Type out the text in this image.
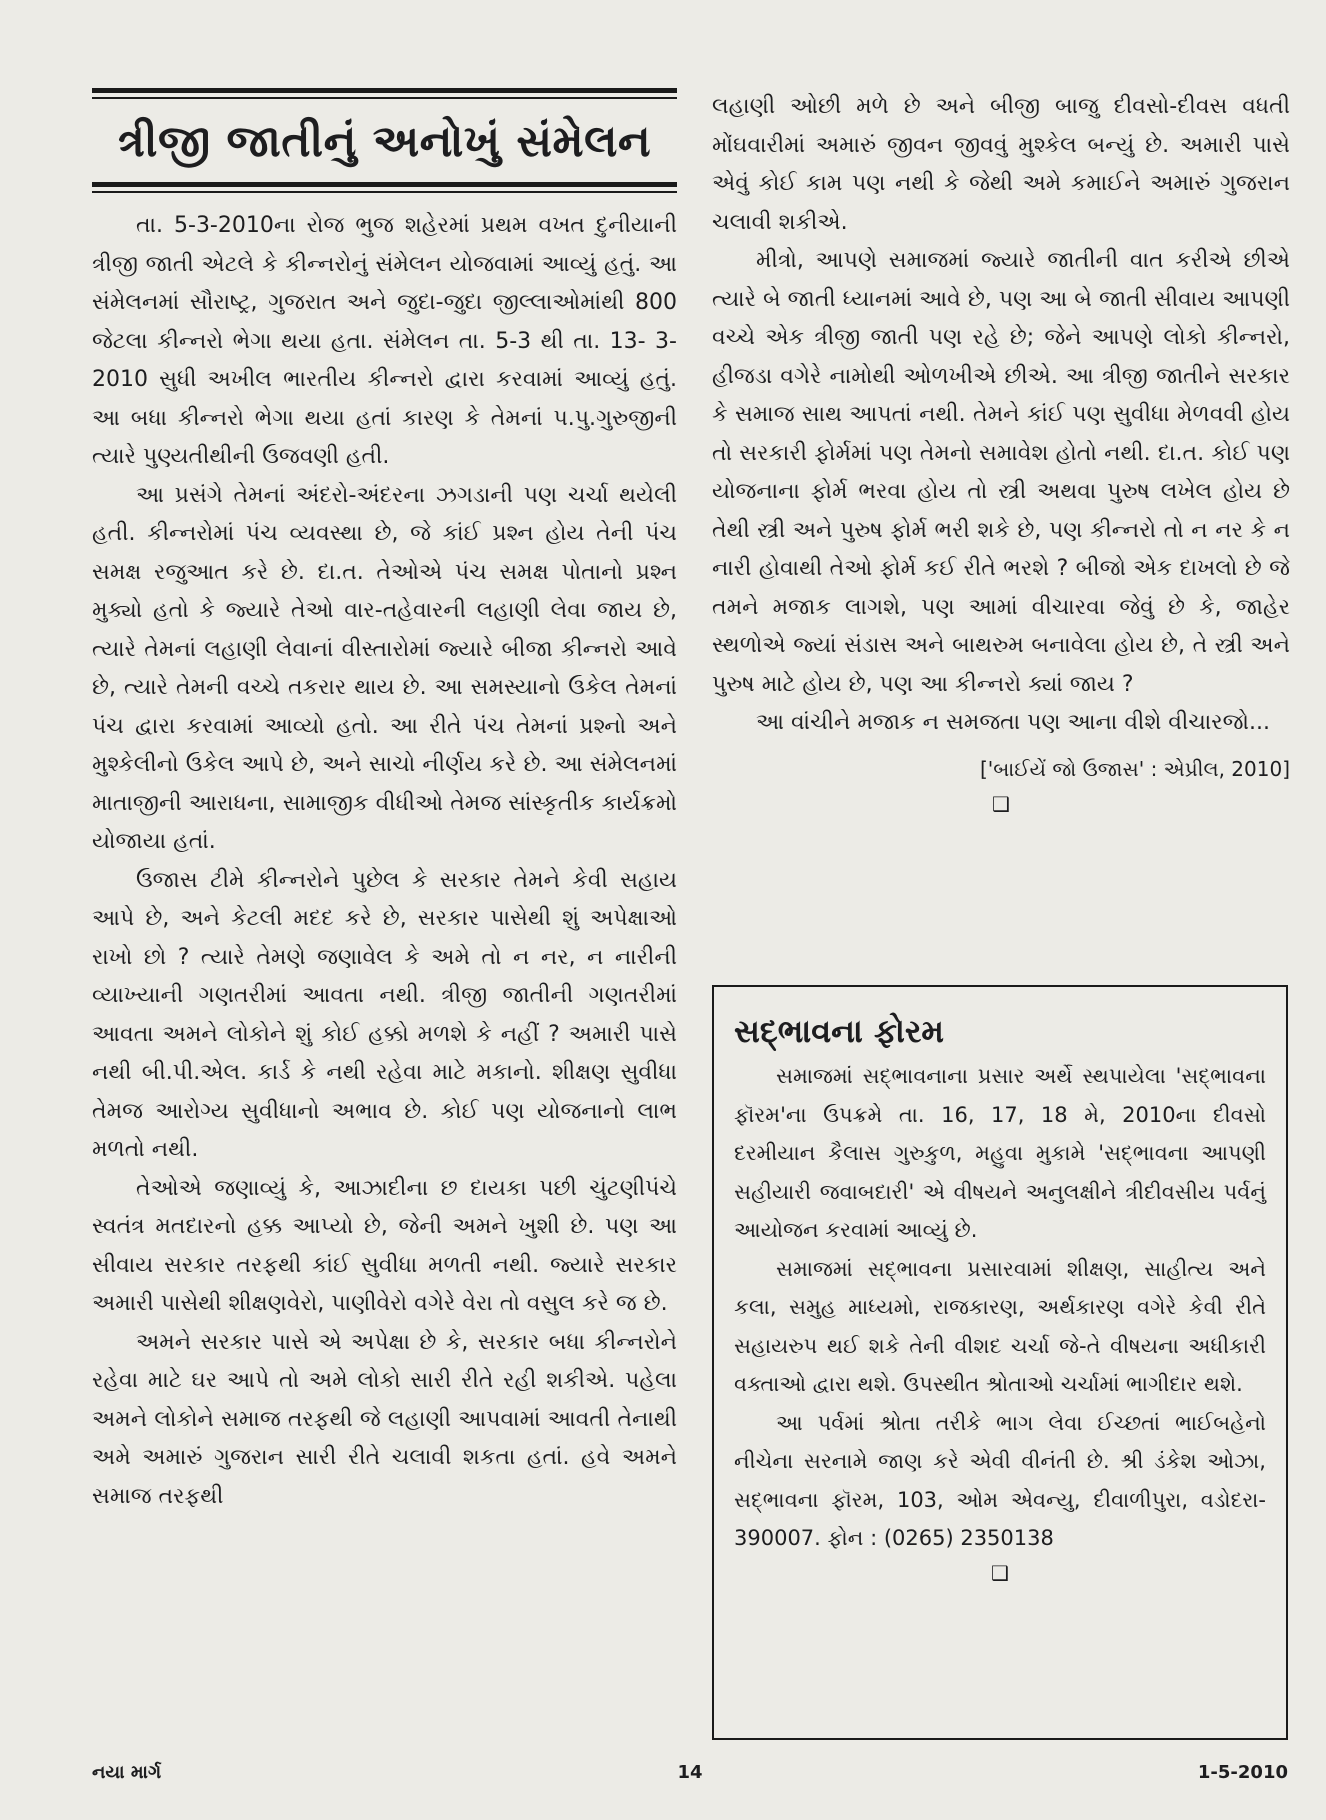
ત્રીજી જાતીનું અનોખું સંમેલન

તા. 5-3-2010ના રોજ ભુજ શહેરમાં પ્રથમ વખત દુનીયાની ત્રીજી જાતી એટલે કે કીન્નરોનું સંમેલન યોજવામાં આવ્યું હતું. આ સંમેલનમાં સૌરાષ્ટ્ર, ગુજરાત અને જુદા-જુદા જીલ્લાઓમાંથી 800 જેટલા કીન્નરો ભેગા થયા હતા. સંમેલન તા. 5-3 થી તા. 13- 3-2010 સુધી અખીલ ભારતીય કીન્નરો દ્વારા કરવામાં આવ્યું હતું. આ બધા કીન્નરો ભેગા થયા હતાં કારણ કે તેમનાં પ.પુ.ગુરુજીની ત્યારે પુણ્યતીથીની ઉજવણી હતી.

આ પ્રસંગે તેમનાં અંદરો-અંદરના ઝગડાની પણ ચર્ચા થયેલી હતી. કીન્નરોમાં પંચ વ્યવસ્થા છે, જે કાંઈ પ્રશ્ન હોય તેની પંચ સમક્ષ રજુઆત કરે છે. દા.ત. તેઓએ પંચ સમક્ષ પોતાનો પ્રશ્ન મુક્યો હતો કે જ્યારે તેઓ વાર-તહેવારની લહાણી લેવા જાય છે, ત્યારે તેમનાં લહાણી લેવાનાં વીસ્તારોમાં જ્યારે બીજા કીન્નરો આવે છે, ત્યારે તેમની વચ્ચે તકરાર થાય છે. આ સમસ્યાનો ઉકેલ તેમનાં પંચ દ્વારા કરવામાં આવ્યો હતો. આ રીતે પંચ તેમનાં પ્રશ્નો અને મુશ્કેલીનો ઉકેલ આપે છે, અને સાચો નીર્ણય કરે છે. આ સંમેલનમાં માતાજીની આરાધના, સામાજીક વીધીઓ તેમજ સાંસ્કૃતીક કાર્યક્રમો યોજાયા હતાં.

ઉજાસ ટીમે કીન્નરોને પુછેલ કે સરકાર તેમને કેવી સહાય આપે છે, અને કેટલી મદદ કરે છે, સરકાર પાસેથી શું અપેક્ષાઓ રાખો છો ? ત્યારે તેમણે જણાવેલ કે અમે તો ન નર, ન નારીની વ્યાખ્યાની ગણતરીમાં આવતા નથી. ત્રીજી જાતીની ગણતરીમાં આવતા અમને લોકોને શું કોઈ હક્કો મળશે કે નહીં ? અમારી પાસે નથી બી.પી.એલ. કાર્ડ કે નથી રહેવા માટે મકાનો. શીક્ષણ સુવીધા તેમજ આરોગ્ય સુવીધાનો અભાવ છે. કોઈ પણ યોજનાનો લાભ મળતો નથી.

તેઓએ જણાવ્યું કે, આઝાદીના છ દાયકા પછી ચુંટણીપંચે સ્વતંત્ર મતદારનો હક્ક આપ્યો છે, જેની અમને ખુશી છે. પણ આ સીવાય સરકાર તરફથી કાંઈ સુવીધા મળતી નથી. જ્યારે સરકાર અમારી પાસેથી શીક્ષણવેરો, પાણીવેરો વગેરે વેરા તો વસુલ કરે જ છે.

અમને સરકાર પાસે એ અપેક્ષા છે કે, સરકાર બધા કીન્નરોને રહેવા માટે ઘર આપે તો અમે લોકો સારી રીતે રહી શકીએ. પહેલા અમને લોકોને સમાજ તરફથી જે લહાણી આપવામાં આવતી તેનાથી અમે અમારું ગુજરાન સારી રીતે ચલાવી શકતા હતાં. હવે અમને સમાજ તરફથી

લહાણી ઓછી મળે છે અને બીજી બાજુ દીવસો-દીવસ વધતી મોંઘવારીમાં અમારું જીવન જીવવું મુશ્કેલ બન્યું છે. અમારી પાસે એવું કોઈ કામ પણ નથી કે જેથી અમે કમાઈને અમારું ગુજરાન ચલાવી શકીએ.

મીત્રો, આપણે સમાજમાં જ્યારે જાતીની વાત કરીએ છીએ ત્યારે બે જાતી ધ્યાનમાં આવે છે, પણ આ બે જાતી સીવાય આપણી વચ્ચે એક ત્રીજી જાતી પણ રહે છે; જેને આપણે લોકો કીન્નરો, હીજડા વગેરે નામોથી ઓળખીએ છીએ. આ ત્રીજી જાતીને સરકાર કે સમાજ સાથ આપતાં નથી. તેમને કાંઈ પણ સુવીધા મેળવવી હોય તો સરકારી ફોર્મમાં પણ તેમનો સમાવેશ હોતો નથી. દા.ત. કોઈ પણ યોજનાના ફોર્મ ભરવા હોય તો સ્ત્રી અથવા પુરુષ લખેલ હોય છે તેથી સ્ત્રી અને પુરુષ ફોર્મ ભરી શકે છે, પણ કીન્નરો તો ન નર કે ન નારી હોવાથી તેઓ ફોર્મ કઈ રીતે ભરશે ? બીજો એક દાખલો છે જે તમને મજાક લાગશે, પણ આમાં વીચારવા જેવું છે કે, જાહેર સ્થળોએ જ્યાં સંડાસ અને બાથરુમ બનાવેલા હોય છે, તે સ્ત્રી અને પુરુષ માટે હોય છે, પણ આ કીન્નરો ક્યાં જાય ?

આ વાંચીને મજાક ન સમજતા પણ આના વીશે વીચારજો...

['બાઈયેં જો ઉજાસ' : એપ્રીલ, 2010]
❑
સદ્ભાવના ફોરમ

સમાજમાં સદ્ભાવનાના પ્રસાર અર્થે સ્થપાયેલા 'સદ્ભાવના ફૉરમ'ના ઉપક્રમે તા. 16, 17, 18 મે, 2010ના દીવસો દરમીયાન કૈલાસ ગુરુકુળ, મહુવા મુકામે 'સદ્ભાવના આપણી સહીયારી જવાબદારી' એ વીષયને અનુલક્ષીને ત્રીદીવસીય પર્વનું આયોજન કરવામાં આવ્યું છે.

સમાજમાં સદ્ભાવના પ્રસારવામાં શીક્ષણ, સાહીત્ય અને કલા, સમુહ માધ્યમો, રાજકારણ, અર્થકારણ વગેરે કેવી રીતે સહાયરુપ થઈ શકે તેની વીશદ ચર્ચા જે-તે વીષયના અધીકારી વક્તાઓ દ્વારા થશે. ઉપસ્થીત શ્રોતાઓ ચર્ચામાં ભાગીદાર થશે.

આ પર્વમાં શ્રોતા તરીકે ભાગ લેવા ઈચ્છતાં ભાઈબહેનો નીચેના સરનામે જાણ કરે એવી વીનંતી છે. શ્રી ડંકેશ ઓઝા, સદ્ભાવના ફૉરમ, 103, ઓમ એવન્યુ, દીવાળીપુરા, વડોદરા- 390007. ફોન : (0265) 2350138

❑
નયા માર્ગ	14	1-5-2010
